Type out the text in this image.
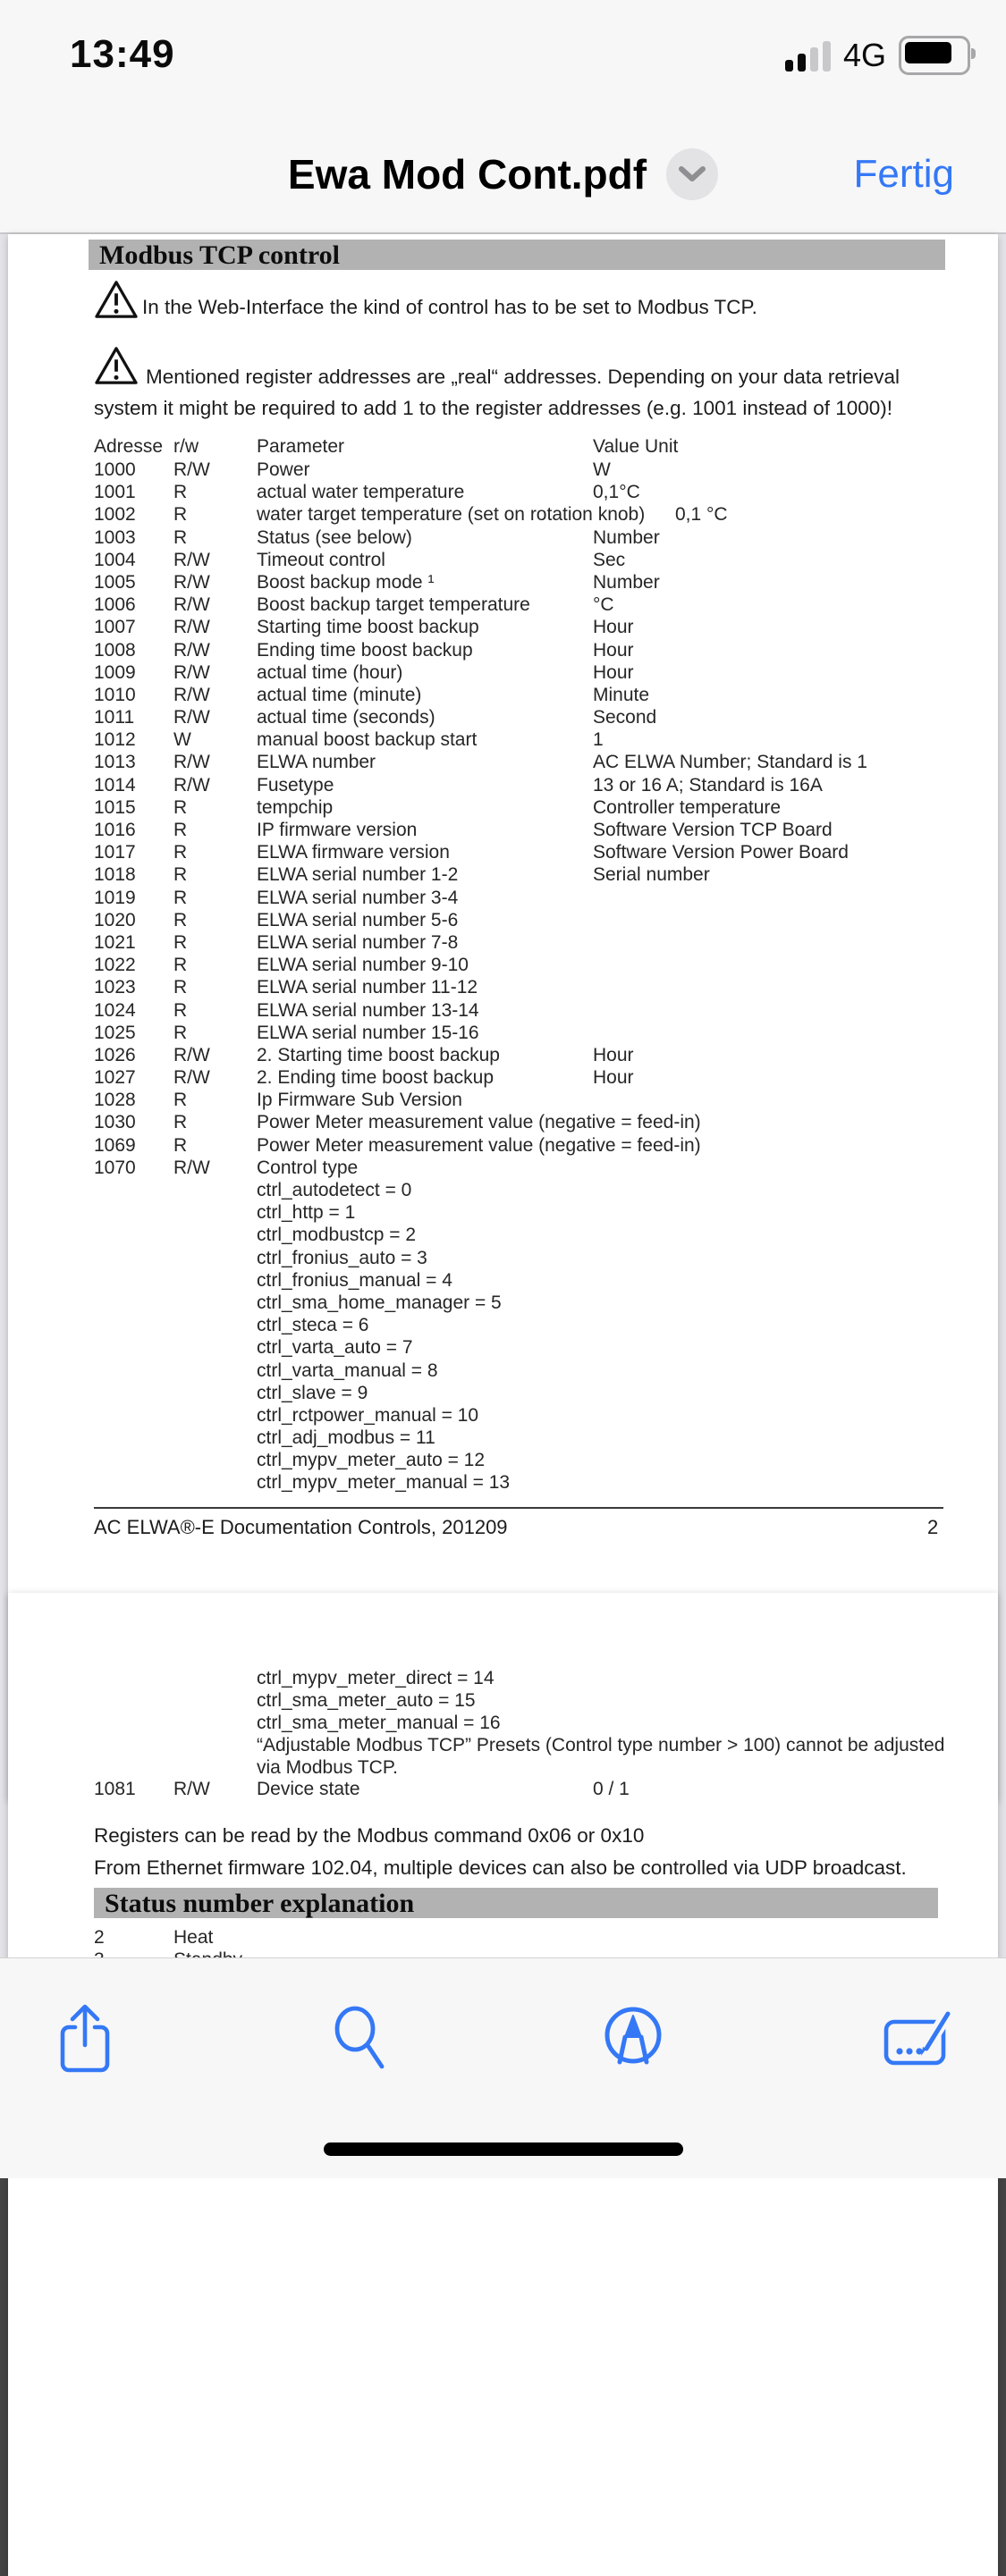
13:49	4G
Ewa Mod Cont.pdf	Fertig
Modbus TCP control
In the Web-Interface the kind of control has to be set to Modbus TCP.
Mentioned register addresses are „real“ addresses. Depending on your data retrieval system it might be required to add 1 to the register addresses (e.g. 1001 instead of 1000)!
Adresse r/w	Parameter	Value Unit
1000 R/W Power	W
1001 R	actual water temperature	0,1°C
1002 R	water target temperature (set on rotation knob) 0,1 °C
1003 R	Status (see below)	Number
1004 R/W Timeout control	Sec
1005 R/W Boost backup mode ¹	Number
1006 R/W Boost backup target temperature	°C
1007 R/W Starting time boost backup	Hour
1008 R/W Ending time boost backup	Hour
1009 R/W actual time (hour)	Hour
1010 R/W actual time (minute)	Minute
1011 R/W actual time (seconds)	Second
1012 W	manual boost backup start	1
1013 R/W ELWA number	AC ELWA Number; Standard is 1
1014 R/W Fusetype	13 or 16 A; Standard is 16A
1015 R	tempchip	Controller temperature
1016 R	IP firmware version	Software Version TCP Board
1017 R	ELWA firmware version	Software Version Power Board
1018 R	ELWA serial number 1-2	Serial number
1019 R	ELWA serial number 3-4
1020 R	ELWA serial number 5-6
1021 R	ELWA serial number 7-8
1022 R	ELWA serial number 9-10
1023 R	ELWA serial number 11-12
1024 R	ELWA serial number 13-14
1025 R	ELWA serial number 15-16
1026 R/W 2. Starting time boost backup	Hour
1027 R/W 2. Ending time boost backup	Hour
1028 R	Ip Firmware Sub Version
1030 R	Power Meter measurement value (negative = feed-in)
1069 R	Power Meter measurement value (negative = feed-in)
1070 R/W Control type
ctrl_autodetect = 0
ctrl_http = 1
ctrl_modbustcp = 2
ctrl_fronius_auto = 3
ctrl_fronius_manual = 4
ctrl_sma_home_manager = 5
ctrl_steca = 6
ctrl_varta_auto = 7
ctrl_varta_manual = 8
ctrl_slave = 9
ctrl_rctpower_manual = 10
ctrl_adj_modbus = 11
ctrl_mypv_meter_auto = 12
ctrl_mypv_meter_manual = 13
AC ELWA®-E Documentation Controls, 201209	2
ctrl_mypv_meter_direct = 14
ctrl_sma_meter_auto = 15
ctrl_sma_meter_manual = 16
“Adjustable Modbus TCP” Presets (Control type number > 100) cannot be adjusted via Modbus TCP.
1081 R/W Device state	0 / 1
Registers can be read by the Modbus command 0x06 or 0x10
From Ethernet firmware 102.04, multiple devices can also be controlled via UDP broadcast.
Status number explanation
2	Heat
